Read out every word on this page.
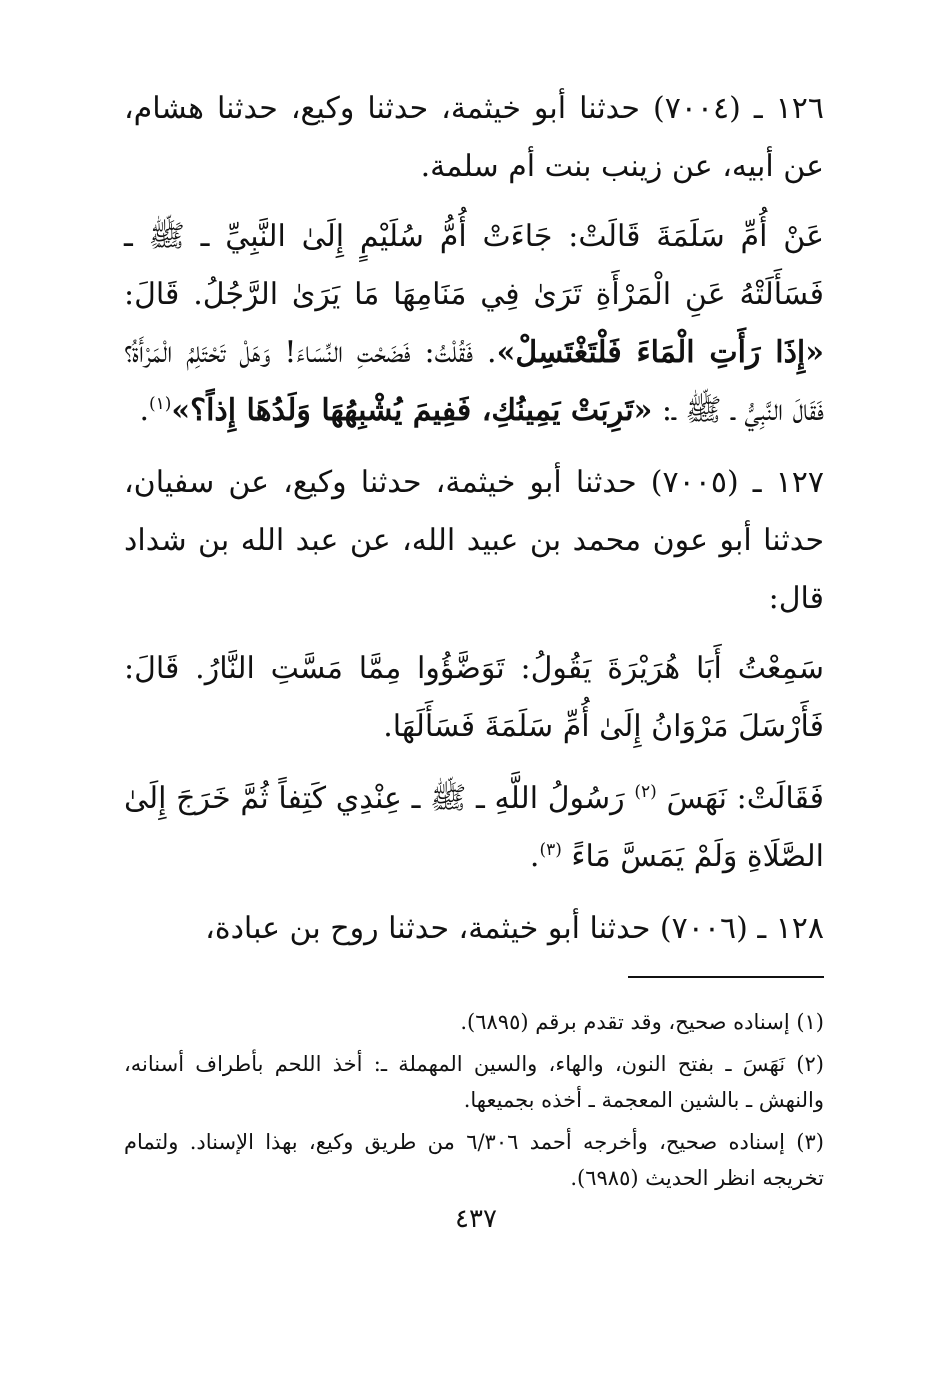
١٢٦ ـ (٧٠٠٤) حدثنا أبو خيثمة، حدثنا وكيع، حدثنا هشام، عن أبيه، عن زينب بنت أم سلمة.

عَنْ أُمِّ سَلَمَةَ قَالَتْ: جَاءَتْ أُمُّ سُلَيْمٍ إِلَىٰ النَّبِيِّ ـ ﷺ ـ فَسَأَلَتْهُ عَنِ الْمَرْأَةِ تَرَىٰ فِي مَنَامِهَا مَا يَرَىٰ الرَّجُلُ. قَالَ: «إِذَا رَأَتِ الْمَاءَ فَلْتَغْتَسِلْ». فَقُلْتُ: فَضَحْتِ النِّسَاءَ! وَهَلْ تَحْتَلِمُ الْمَرْأَةُ؟ فَقَالَ النَّبِيُّ ـ ﷺ ـ: «تَرِبَتْ يَمِينُكِ، فَفِيمَ يُشْبِهُهَا وَلَدُهَا إِذاً؟»$^{(١)}$.

١٢٧ ـ (٧٠٠٥) حدثنا أبو خيثمة، حدثنا وكيع، عن سفيان، حدثنا أبو عون محمد بن عبيد الله، عن عبد الله بن شداد قال:

سَمِعْتُ أَبَا هُرَيْرَةَ يَقُولُ: تَوَضَّؤُوا مِمَّا مَسَّتِ النَّارُ. قَالَ: فَأَرْسَلَ مَرْوَانُ إِلَىٰ أُمِّ سَلَمَةَ فَسَأَلَهَا.

فَقَالَتْ: نَهَسَ $^{(٢)}$ رَسُولُ اللَّهِ ـ ﷺ ـ عِنْدِي كَتِفاً ثُمَّ خَرَجَ إِلَىٰ الصَّلَاةِ وَلَمْ يَمَسَّ مَاءً $^{(٣)}$.

١٢٨ ـ (٧٠٠٦) حدثنا أبو خيثمة، حدثنا روح بن عبادة،

(١) إسناده صحيح، وقد تقدم برقم (٦٨٩٥).

(٢) نَهَسَ ـ بفتح النون، والهاء، والسين المهملة ـ: أخذ اللحم بأطراف أسنانه، والنهش ـ بالشين المعجمة ـ أخذه بجميعها.

(٣) إسناده صحيح، وأخرجه أحمد ٦/٣٠٦ من طريق وكيع، بهذا الإسناد. ولتمام تخريجه انظر الحديث (٦٩٨٥).

٤٣٧
